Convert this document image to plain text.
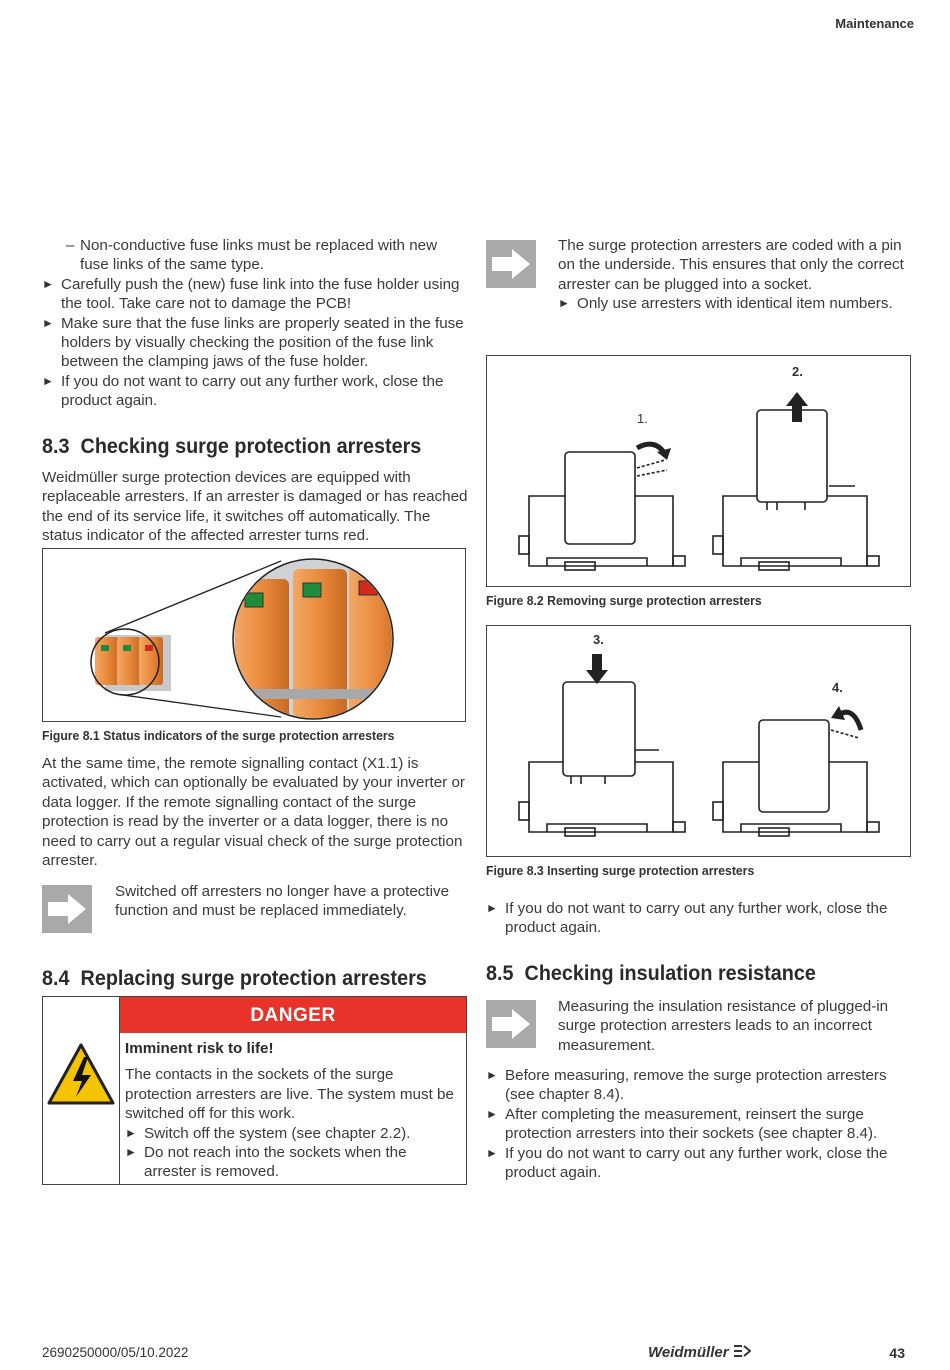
Maintenance

– Non-conductive fuse links must be replaced with new fuse links of the same type.

► Carefully push the (new) fuse link into the fuse holder using the tool. Take care not to damage the PCB!

► Make sure that the fuse links are properly seated in the fuse holders by visually checking the position of the fuse link between the clamping jaws of the fuse holder.

► If you do not want to carry out any further work, close the product again.

8.3 Checking surge protection arresters

Weidmüller surge protection devices are equipped with replaceable arresters. If an arrester is damaged or has reached the end of its service life, it switches off automatically. The status indicator of the affected arrester turns red.

Figure 8.1 Status indicators of the surge protection arresters

At the same time, the remote signalling contact (X1.1) is activated, which can optionally be evaluated by your inverter or data logger. If the remote signalling contact of the surge protection is read by the inverter or a data logger, there is no need to carry out a regular visual check of the surge protection arrester.

Switched off arresters no longer have a protective function and must be replaced immediately.
8.4 Replacing surge protection arresters
DANGER
Imminent risk to life!

The contacts in the sockets of the surge protection arresters are live. The system must be switched off for this work.

► Switch off the system (see chapter 2.2).

► Do not reach into the sockets when the arrester is removed.

The surge protection arresters are coded with a pin on the underside. This ensures that only the correct arrester can be plugged into a socket.

► Only use arresters with identical item numbers.

1.
2.
Figure 8.2 Removing surge protection arresters
3.
4.
Figure 8.3 Inserting surge protection arresters

► If you do not want to carry out any further work, close the product again.

8.5 Checking insulation resistance
Measuring the insulation resistance of plugged-in surge protection arresters leads to an incorrect measurement.

► Before measuring, remove the surge protection arresters (see chapter 8.4).

► After completing the measurement, reinsert the surge protection arresters into their sockets (see chapter 8.4).

► If you do not want to carry out any further work, close the product again.

2690250000/05/10.2022	Weidmüller	43
